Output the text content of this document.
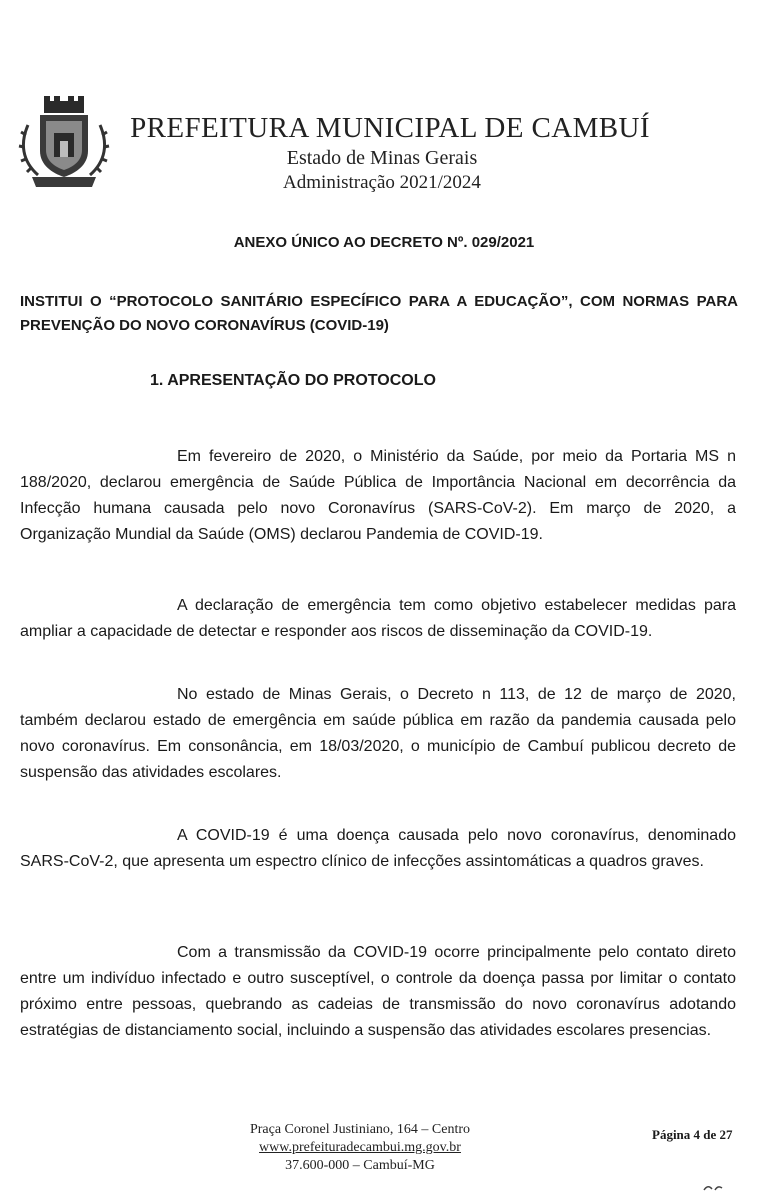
PREFEITURA MUNICIPAL DE CAMBUÍ
Estado de Minas Gerais
Administração 2021/2024
ANEXO ÚNICO AO DECRETO Nº. 029/2021
INSTITUI O “PROTOCOLO SANITÁRIO ESPECÍFICO PARA A EDUCAÇÃO”, COM NORMAS PARA PREVENÇÃO DO NOVO CORONAVÍRUS (COVID-19)
1. APRESENTAÇÃO DO PROTOCOLO

Em fevereiro de 2020, o Ministério da Saúde, por meio da Portaria MS n 188/2020, declarou emergência de Saúde Pública de Importância Nacional em decorrência da Infecção humana causada pelo novo Coronavírus (SARS-CoV-2). Em março de 2020, a Organização Mundial da Saúde (OMS) declarou Pandemia de COVID-19.

A declaração de emergência tem como objetivo estabelecer medidas para ampliar a capacidade de detectar e responder aos riscos de disseminação da COVID-19.

No estado de Minas Gerais, o Decreto n 113, de 12 de março de 2020, também declarou estado de emergência em saúde pública em razão da pandemia causada pelo novo coronavírus. Em consonância, em 18/03/2020, o município de Cambuí publicou decreto de suspensão das atividades escolares.

A COVID-19 é uma doença causada pelo novo coronavírus, denominado SARS-CoV-2, que apresenta um espectro clínico de infecções assintomáticas a quadros graves.

Com a transmissão da COVID-19 ocorre principalmente pelo contato direto entre um indivíduo infectado e outro susceptível, o controle da doença passa por limitar o contato próximo entre pessoas, quebrando as cadeias de transmissão do novo coronavírus adotando estratégias de distanciamento social, incluindo a suspensão das atividades escolares presencias.

Praça Coronel Justiniano, 164 – Centro
www.prefeituradecambui.mg.gov.br
37.600-000 – Cambuí-MG
Página 4 de 27
